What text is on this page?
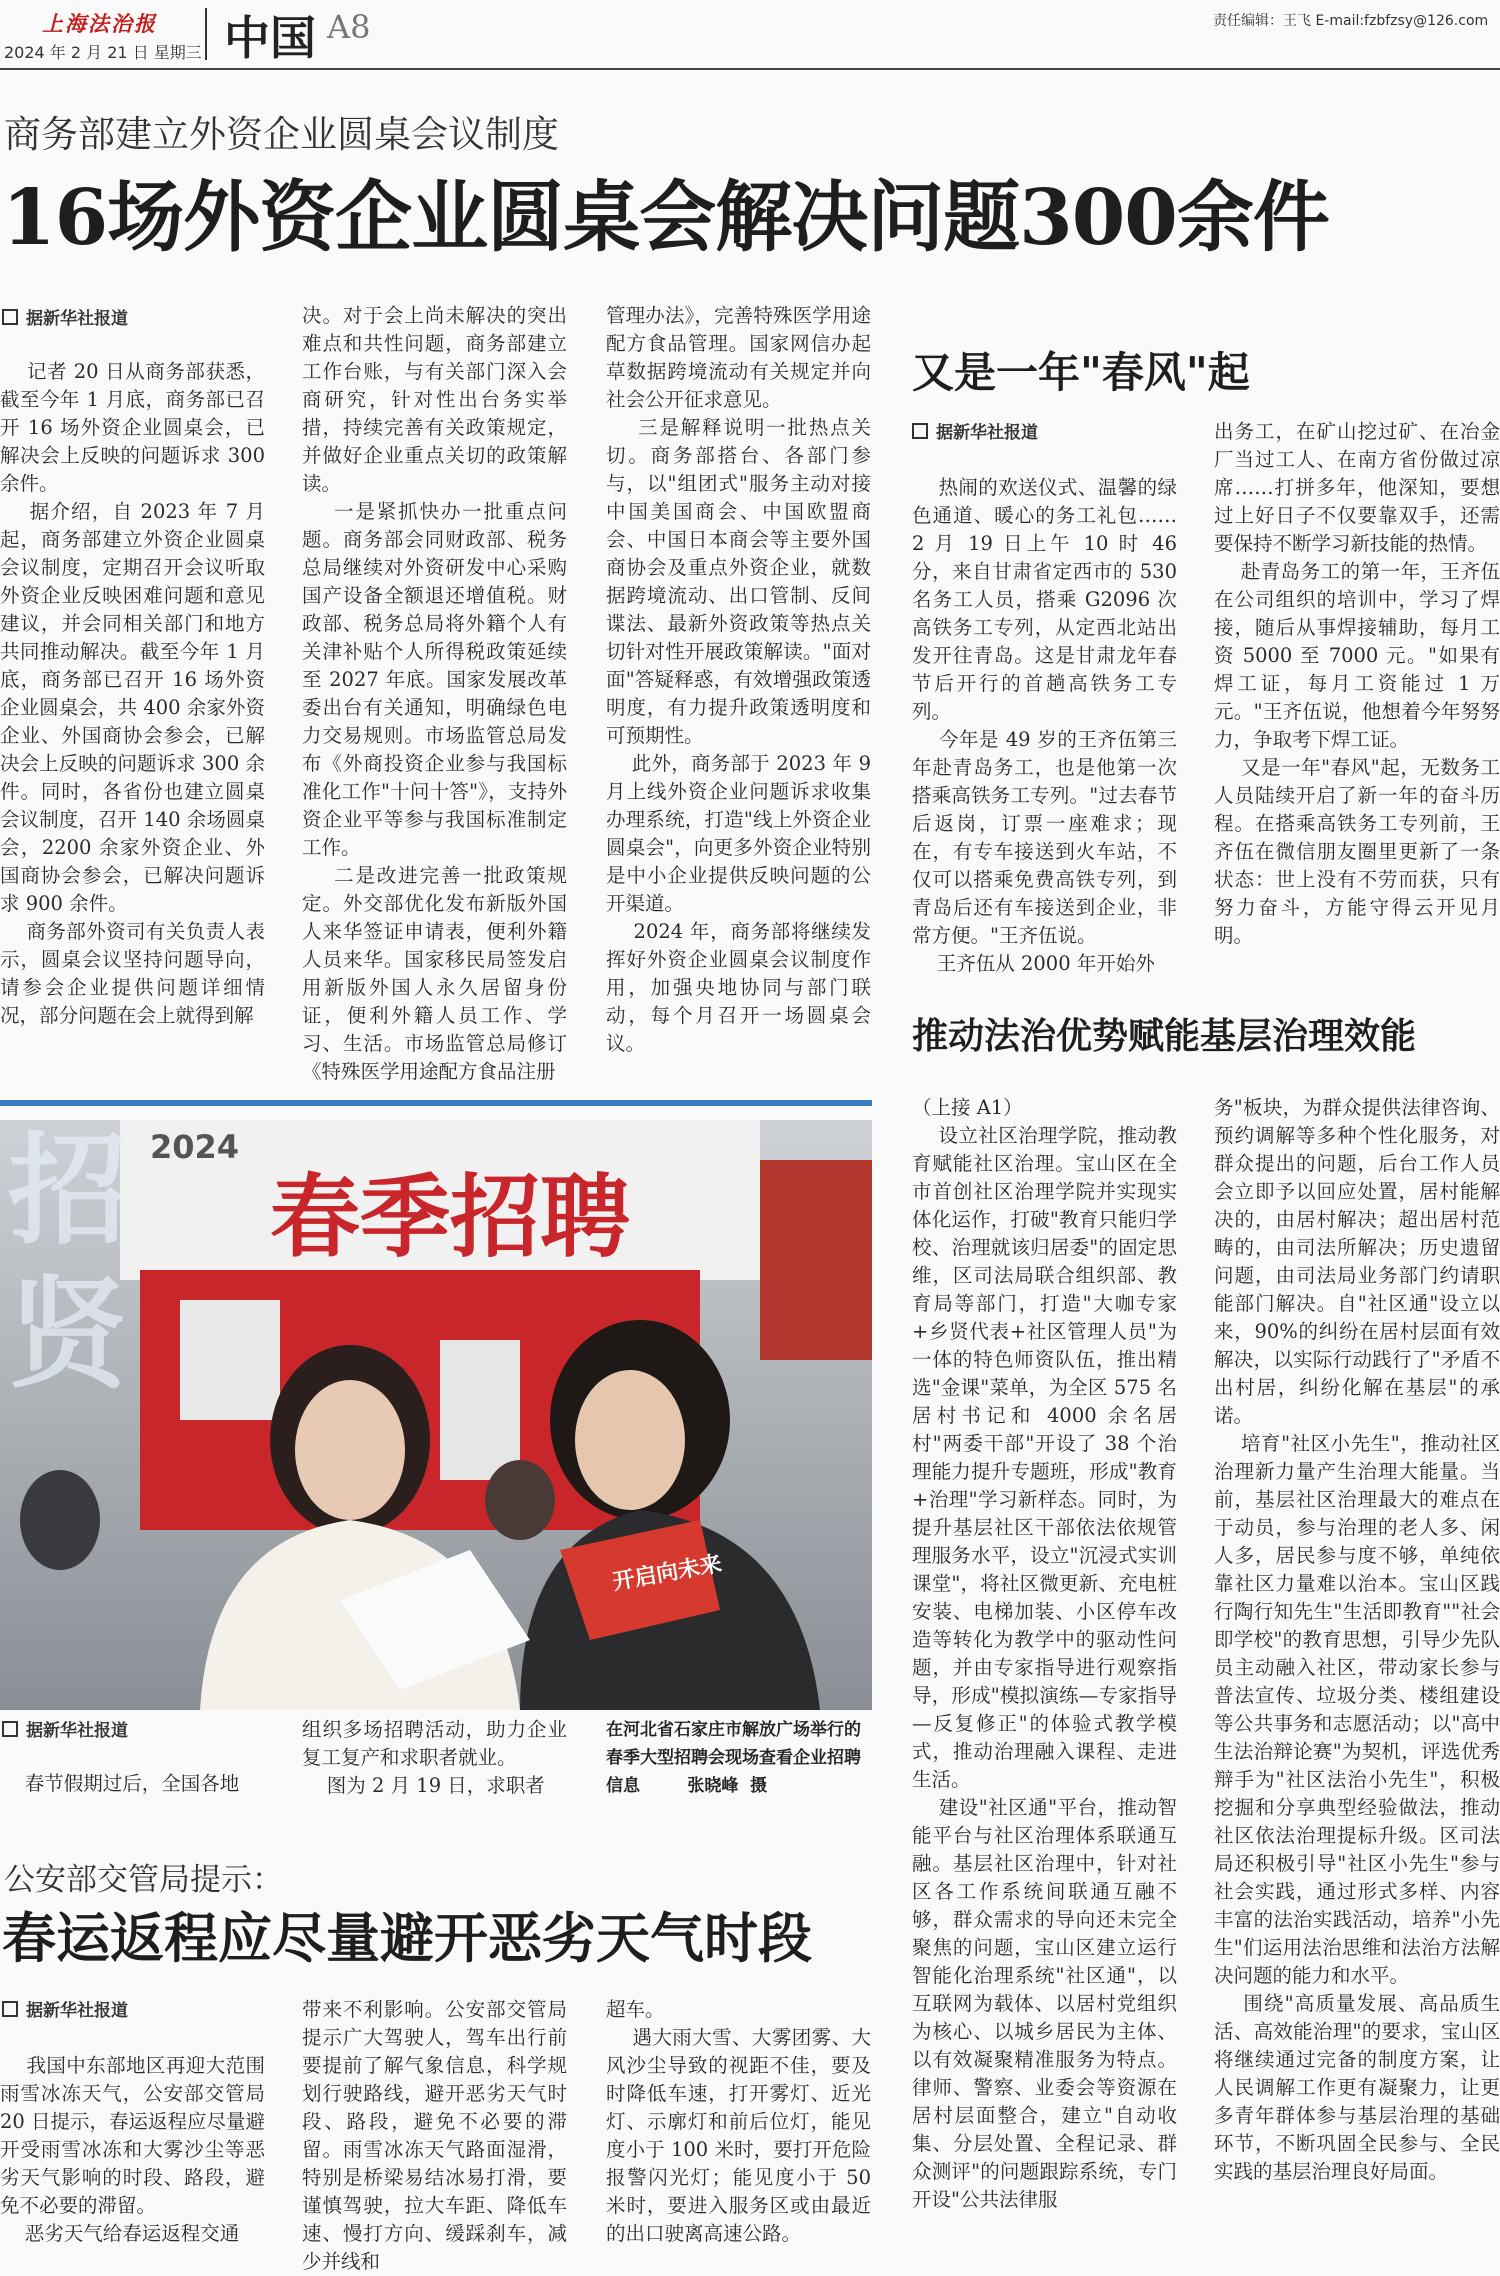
上海法治报
2024 年 2 月 21 日 星期三 中国 A8	责任编辑：王飞 E-mail:fzbfzsy@126.com
商务部建立外资企业圆桌会议制度
16场外资企业圆桌会解决问题300余件
据新华社报道
记者 20 日从商务部获悉，截至今年 1 月底，商务部已召开 16 场外资企业圆桌会，已解决会上反映的问题诉求 300 余件。
据介绍，自 2023 年 7 月起，商务部建立外资企业圆桌会议制度，定期召开会议听取外资企业反映困难问题和意见建议，并会同相关部门和地方共同推动解决。截至今年 1 月底，商务部已召开 16 场外资企业圆桌会，共 400 余家外资企业、外国商协会参会，已解决会上反映的问题诉求 300 余件。同时，各省份也建立圆桌会议制度，召开 140 余场圆桌会，2200 余家外资企业、外国商协会参会，已解决问题诉求 900 余件。
商务部外资司有关负责人表示，圆桌会议坚持问题导向，请参会企业提供问题详细情况，部分问题在会上就得到解
决。对于会上尚未解决的突出难点和共性问题，商务部建立工作台账，与有关部门深入会商研究，针对性出台务实举措，持续完善有关政策规定，并做好企业重点关切的政策解读。
一是紧抓快办一批重点问题。商务部会同财政部、税务总局继续对外资研发中心采购国产设备全额退还增值税。财政部、税务总局将外籍个人有关津补贴个人所得税政策延续至 2027 年底。国家发展改革委出台有关通知，明确绿色电力交易规则。市场监管总局发布《外商投资企业参与我国标准化工作"十问十答"》，支持外资企业平等参与我国标准制定工作。
二是改进完善一批政策规定。外交部优化发布新版外国人来华签证申请表，便利外籍人员来华。国家移民局签发启用新版外国人永久居留身份证，便利外籍人员工作、学习、生活。市场监管总局修订《特殊医学用途配方食品注册
管理办法》，完善特殊医学用途配方食品管理。国家网信办起草数据跨境流动有关规定并向社会公开征求意见。
三是解释说明一批热点关切。商务部搭台、各部门参与，以"组团式"服务主动对接中国美国商会、中国欧盟商会、中国日本商会等主要外国商协会及重点外资企业，就数据跨境流动、出口管制、反间谍法、最新外资政策等热点关切针对性开展政策解读。"面对面"答疑释惑，有效增强政策透明度，有力提升政策透明度和可预期性。
此外，商务部于 2023 年 9 月上线外资企业问题诉求收集办理系统，打造"线上外资企业圆桌会"，向更多外资企业特别是中小企业提供反映问题的公开渠道。
2024 年，商务部将继续发挥好外资企业圆桌会议制度作用，加强央地协同与部门联动，每个月召开一场圆桌会议。
又是一年"春风"起
据新华社报道
热闹的欢送仪式、温馨的绿色通道、暖心的务工礼包……2 月 19 日上午 10 时 46 分，来自甘肃省定西市的 530 名务工人员，搭乘 G2096 次高铁务工专列，从定西北站出发开往青岛。这是甘肃龙年春节后开行的首趟高铁务工专列。
今年是 49 岁的王齐伍第三年赴青岛务工，也是他第一次搭乘高铁务工专列。"过去春节后返岗，订票一座难求；现在，有专车接送到火车站，不仅可以搭乘免费高铁专列，到青岛后还有车接送到企业，非常方便。"王齐伍说。
王齐伍从 2000 年开始外
出务工，在矿山挖过矿、在冶金厂当过工人、在南方省份做过凉席……打拼多年，他深知，要想过上好日子不仅要靠双手，还需要保持不断学习新技能的热情。
赴青岛务工的第一年，王齐伍在公司组织的培训中，学习了焊接，随后从事焊接辅助，每月工资 5000 至 7000 元。"如果有焊工证，每月工资能过 1 万元。"王齐伍说，他想着今年努努力，争取考下焊工证。
又是一年"春风"起，无数务工人员陆续开启了新一年的奋斗历程。在搭乘高铁务工专列前，王齐伍在微信朋友圈里更新了一条状态：世上没有不劳而获，只有努力奋斗，方能守得云开见月明。
推动法治优势赋能基层治理效能
（上接 A1）
设立社区治理学院，推动教育赋能社区治理。宝山区在全市首创社区治理学院并实现实体化运作，打破"教育只能归学校、治理就该归居委"的固定思维，区司法局联合组织部、教育局等部门，打造"大咖专家+乡贤代表+社区管理人员"为一体的特色师资队伍，推出精选"金课"菜单，为全区 575 名居村书记和 4000 余名居村"两委干部"开设了 38 个治理能力提升专题班，形成"教育+治理"学习新样态。同时，为提升基层社区干部依法依规管理服务水平，设立"沉浸式实训课堂"，将社区微更新、充电桩安装、电梯加装、小区停车改造等转化为教学中的驱动性问题，并由专家指导进行观察指导，形成"模拟演练—专家指导—反复修正"的体验式教学模式，推动治理融入课程、走进生活。
建设"社区通"平台，推动智能平台与社区治理体系联通互融。基层社区治理中，针对社区各工作系统间联通互融不够，群众需求的导向还未完全聚焦的问题，宝山区建立运行智能化治理系统"社区通"，以互联网为载体、以居村党组织为核心、以城乡居民为主体、以有效凝聚精准服务为特点。律师、警察、业委会等资源在居村层面整合，建立"自动收集、分层处置、全程记录、群众测评"的问题跟踪系统，专门开设"公共法律服
务"板块，为群众提供法律咨询、预约调解等多种个性化服务，对群众提出的问题，后台工作人员会立即予以回应处置，居村能解决的，由居村解决；超出居村范畴的，由司法所解决；历史遗留问题，由司法局业务部门约请职能部门解决。自"社区通"设立以来，90%的纠纷在居村层面有效解决，以实际行动践行了"矛盾不出村居，纠纷化解在基层"的承诺。
培育"社区小先生"，推动社区治理新力量产生治理大能量。当前，基层社区治理最大的难点在于动员，参与治理的老人多、闲人多，居民参与度不够，单纯依靠社区力量难以治本。宝山区践行陶行知先生"生活即教育""社会即学校"的教育思想，引导少先队员主动融入社区，带动家长参与普法宣传、垃圾分类、楼组建设等公共事务和志愿活动；以"高中生法治辩论赛"为契机，评选优秀辩手为"社区法治小先生"，积极挖掘和分享典型经验做法，推动社区依法治理提标升级。区司法局还积极引导"社区小先生"参与社会实践，通过形式多样、内容丰富的法治实践活动，培养"小先生"们运用法治思维和法治方法解决问题的能力和水平。
围绕"高质量发展、高品质生活、高效能治理"的要求，宝山区将继续通过完备的制度方案，让人民调解工作更有凝聚力，让更多青年群体参与基层治理的基础环节，不断巩固全民参与、全民实践的基层治理良好局面。
招
贤
春季招聘
2024
开启向未来
据新华社报道
春节假期过后，全国各地
组织多场招聘活动，助力企业复工复产和求职者就业。
图为 2 月 19 日，求职者
在河北省石家庄市解放广场举行的春季大型招聘会现场查看企业招聘信息        张晓峰  摄
公安部交管局提示：
春运返程应尽量避开恶劣天气时段
据新华社报道
我国中东部地区再迎大范围雨雪冰冻天气，公安部交管局 20 日提示，春运返程应尽量避开受雨雪冰冻和大雾沙尘等恶劣天气影响的时段、路段，避免不必要的滞留。
恶劣天气给春运返程交通
带来不利影响。公安部交管局提示广大驾驶人，驾车出行前要提前了解气象信息，科学规划行驶路线，避开恶劣天气时段、路段，避免不必要的滞留。雨雪冰冻天气路面湿滑，特别是桥梁易结冰易打滑，要谨慎驾驶，拉大车距、降低车速、慢打方向、缓踩刹车，减少并线和
超车。
遇大雨大雪、大雾团雾、大风沙尘导致的视距不佳，要及时降低车速，打开雾灯、近光灯、示廓灯和前后位灯，能见度小于 100 米时，要打开危险报警闪光灯；能见度小于 50 米时，要进入服务区或由最近的出口驶离高速公路。
